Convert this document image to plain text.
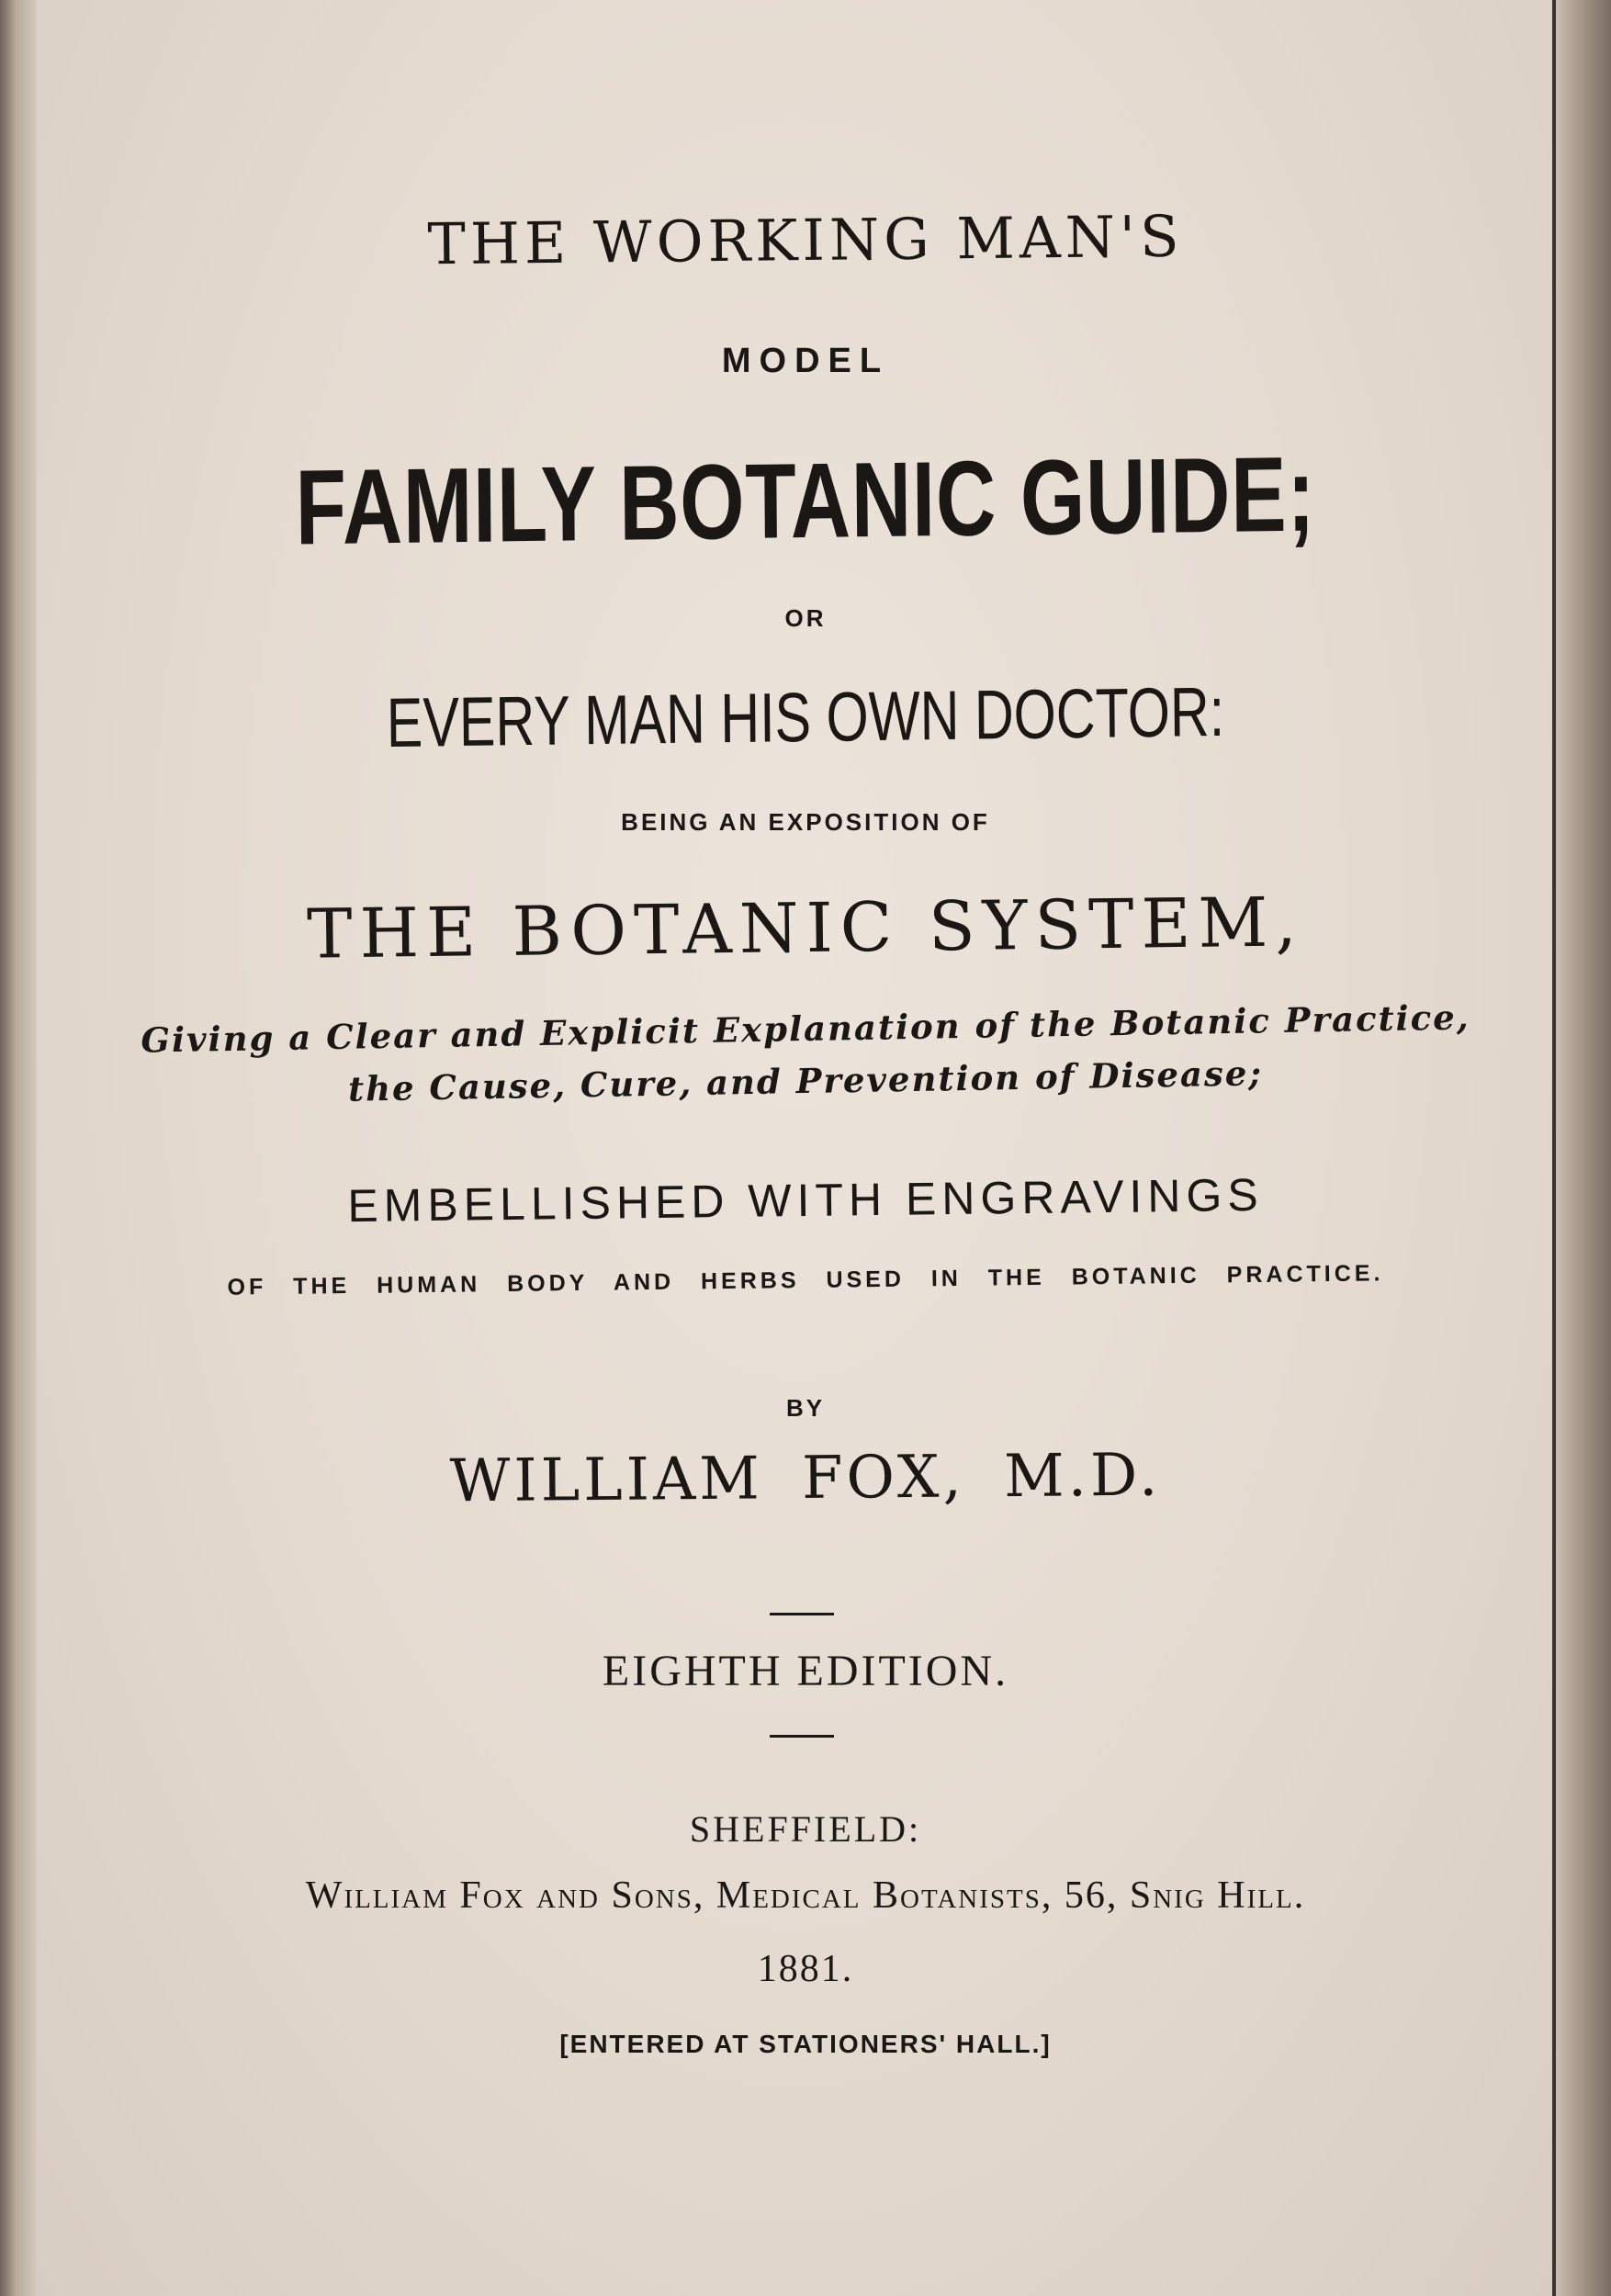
THE WORKING MAN'S
MODEL
FAMILY BOTANIC GUIDE;
OR
EVERY MAN HIS OWN DOCTOR:
BEING AN EXPOSITION OF
THE BOTANIC SYSTEM,
Giving a Clear and Explicit Explanation of the Botanic Practice,
the Cause, Cure, and Prevention of Disease;
EMBELLISHED WITH ENGRAVINGS
OF THE HUMAN BODY AND HERBS USED IN THE BOTANIC PRACTICE.
BY
WILLIAM FOX, M.D.
EIGHTH EDITION.
SHEFFIELD:
William Fox and Sons, Medical Botanists, 56, Snig Hill.
1881.
[ENTERED AT STATIONERS' HALL.]
